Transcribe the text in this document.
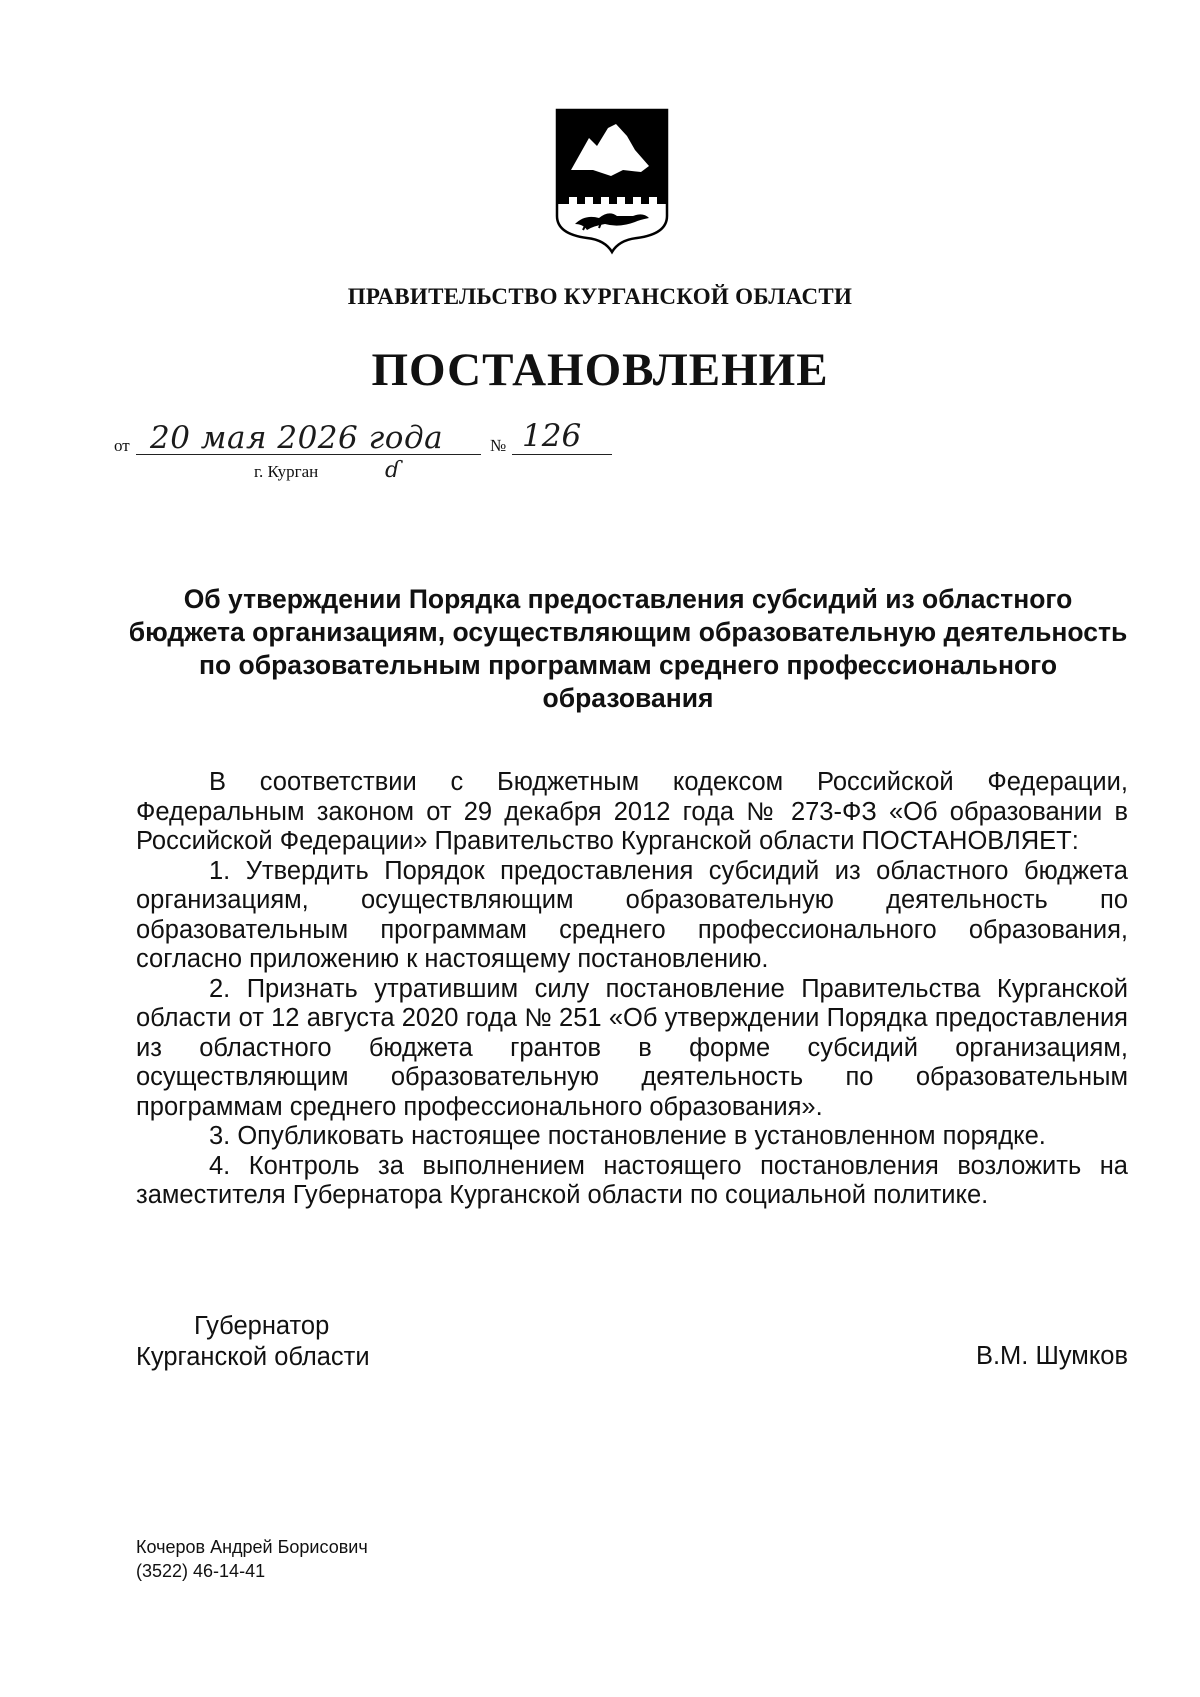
ПРАВИТЕЛЬСТВО КУРГАНСКОЙ ОБЛАСТИ
ПОСТАНОВЛЕНИЕ
от 20 мая 2026 года	№ 126
г. Курган	ɗ
Об утверждении Порядка предоставления субсидий из областного бюджета организациям, осуществляющим образовательную деятельность по образовательным программам среднего профессионального образования

В соответствии с Бюджетным кодексом Российской Федерации, Федеральным законом от 29 декабря 2012 года № 273-ФЗ «Об образовании в Российской Федерации» Правительство Курганской области ПОСТАНОВЛЯЕТ:

1. Утвердить Порядок предоставления субсидий из областного бюджета организациям, осуществляющим образовательную деятельность по образовательным программам среднего профессионального образования, согласно приложению к настоящему постановлению.

2. Признать утратившим силу постановление Правительства Курганской области от 12 августа 2020 года № 251 «Об утверждении Порядка предоставления из областного бюджета грантов в форме субсидий организациям, осуществляющим образовательную деятельность по образовательным программам среднего профессионального образования».

3. Опубликовать настоящее постановление в установленном порядке.

4. Контроль за выполнением настоящего постановления возложить на заместителя Губернатора Курганской области по социальной политике.

Губернатор
Курганской области	В.М. Шумков
Кочеров Андрей Борисович
(3522) 46-14-41
